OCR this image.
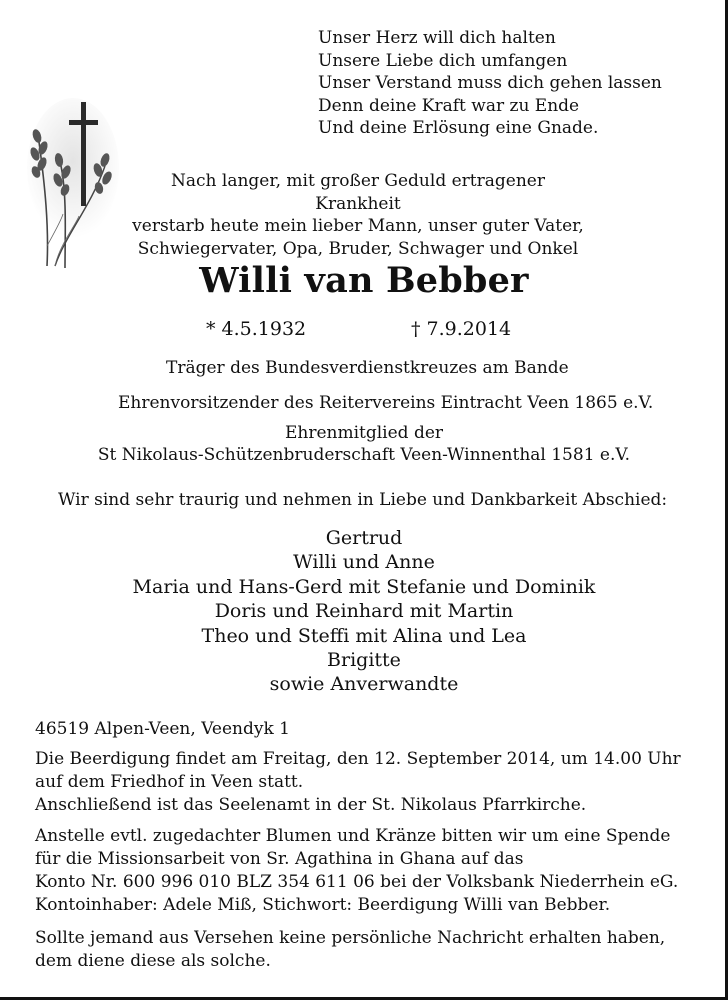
Unser Herz will dich halten
Unsere Liebe dich umfangen
Unser Verstand muss dich gehen lassen
Denn deine Kraft war zu Ende
Und deine Erlösung eine Gnade.
Nach langer, mit großer Geduld ertragener Krankheit
verstarb heute mein lieber Mann, unser guter Vater,
Schwiegervater, Opa, Bruder, Schwager und Onkel
Willi van Bebber
* 4.5.1932	† 7.9.2014
Träger des Bundesverdienstkreuzes am Bande
Ehrenvorsitzender des Reitervereins Eintracht Veen 1865 e.V.
Ehrenmitglied der
St Nikolaus-Schützenbruderschaft Veen-Winnenthal 1581 e.V.
Wir sind sehr traurig und nehmen in Liebe und Dankbarkeit Abschied:
Gertrud
Willi und Anne
Maria und Hans-Gerd mit Stefanie und Dominik
Doris und Reinhard mit Martin
Theo und Steffi mit Alina und Lea
Brigitte
sowie Anverwandte
46519 Alpen-Veen, Veendyk 1
Die Beerdigung findet am Freitag, den 12. September 2014, um 14.00 Uhr
auf dem Friedhof in Veen statt.
Anschließend ist das Seelenamt in der St. Nikolaus Pfarrkirche.
Anstelle evtl. zugedachter Blumen und Kränze bitten wir um eine Spende
für die Missionsarbeit von Sr. Agathina in Ghana auf das
Konto Nr. 600 996 010 BLZ 354 611 06 bei der Volksbank Niederrhein eG.
Kontoinhaber: Adele Miß, Stichwort: Beerdigung Willi van Bebber.
Sollte jemand aus Versehen keine persönliche Nachricht erhalten haben,
dem diene diese als solche.
